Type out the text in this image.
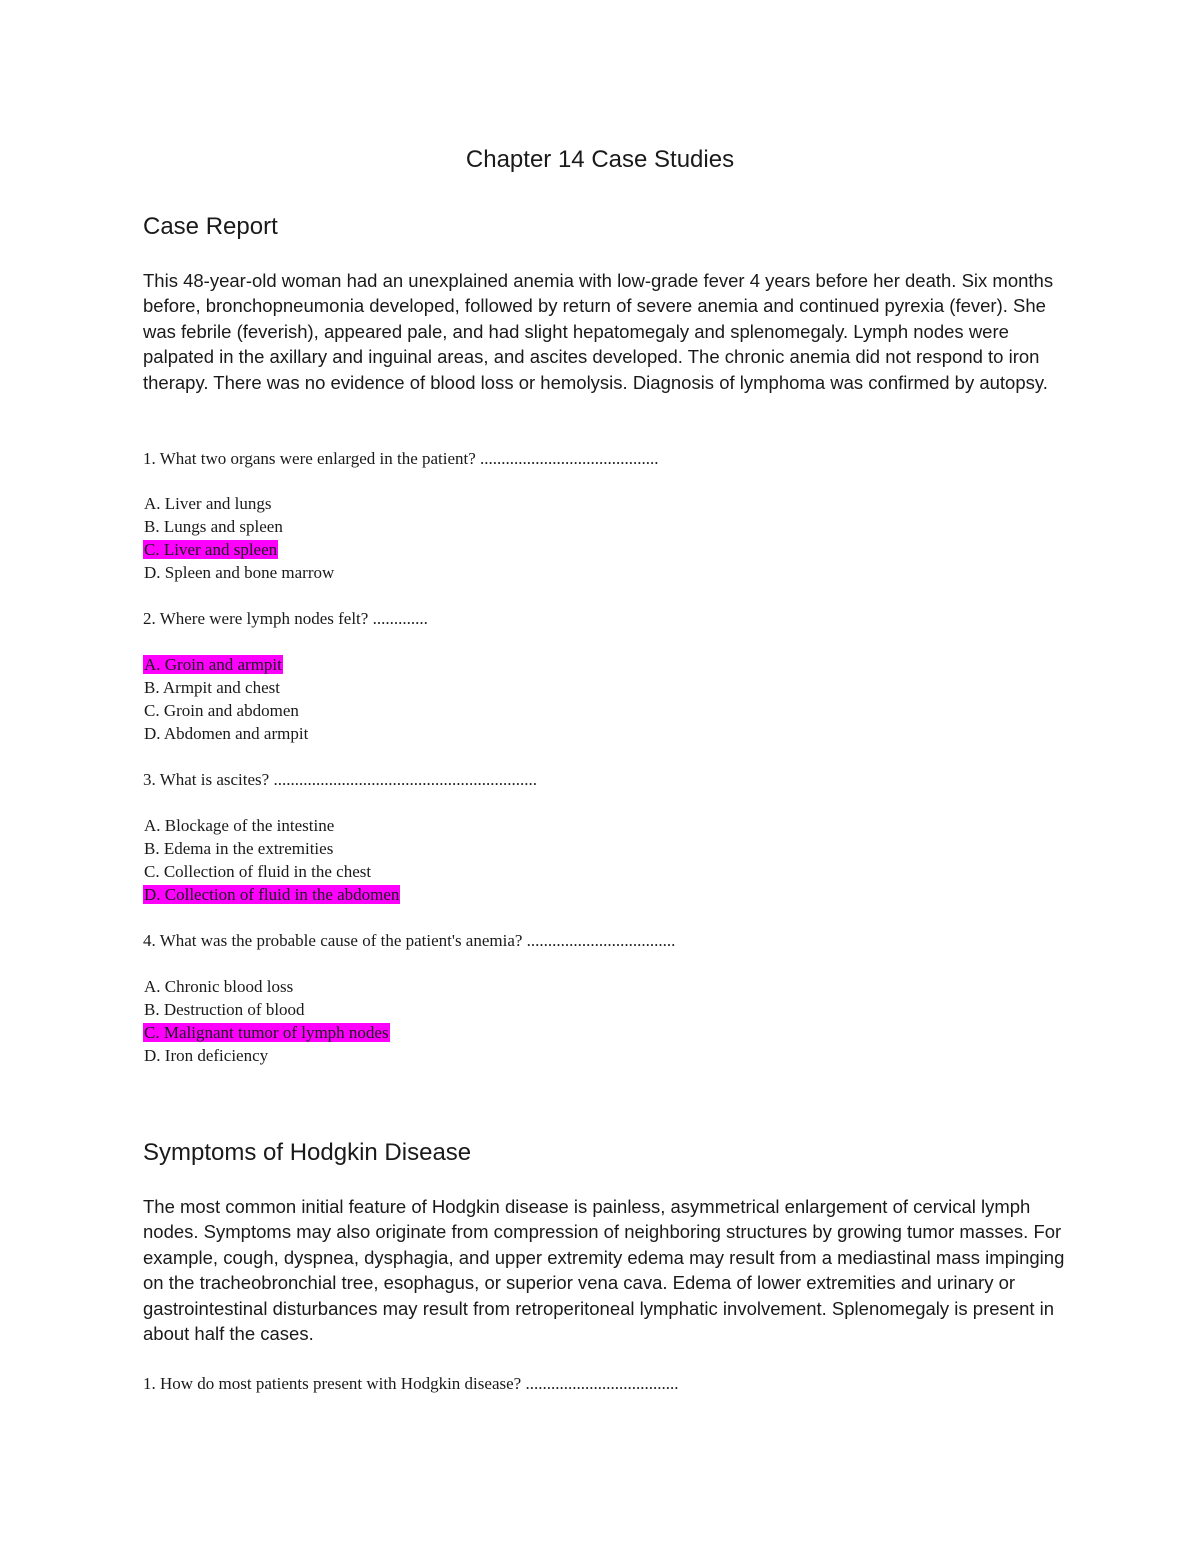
Chapter 14 Case Studies
Case Report

This 48-year-old woman had an unexplained anemia with low-grade fever 4 years before her death. Six months before, bronchopneumonia developed, followed by return of severe anemia and continued pyrexia (fever). She was febrile (feverish), appeared pale, and had slight hepatomegaly and splenomegaly. Lymph nodes were palpated in the axillary and inguinal areas, and ascites developed. The chronic anemia did not respond to iron therapy. There was no evidence of blood loss or hemolysis. Diagnosis of lymphoma was confirmed by autopsy.

1. What two organs were enlarged in the patient? ..........................................
A. Liver and lungs
B. Lungs and spleen
C. Liver and spleen
D. Spleen and bone marrow
2. Where were lymph nodes felt? .............
A. Groin and armpit
B. Armpit and chest
C. Groin and abdomen
D. Abdomen and armpit
3. What is ascites? ..............................................................
A. Blockage of the intestine
B. Edema in the extremities
C. Collection of fluid in the chest
D. Collection of fluid in the abdomen
4. What was the probable cause of the patient's anemia? ...................................
A. Chronic blood loss
B. Destruction of blood
C. Malignant tumor of lymph nodes
D. Iron deficiency
Symptoms of Hodgkin Disease

The most common initial feature of Hodgkin disease is painless, asymmetrical enlargement of cervical lymph nodes. Symptoms may also originate from compression of neighboring structures by growing tumor masses. For example, cough, dyspnea, dysphagia, and upper extremity edema may result from a mediastinal mass impinging on the tracheobronchial tree, esophagus, or superior vena cava. Edema of lower extremities and urinary or gastrointestinal disturbances may result from retroperitoneal lymphatic involvement. Splenomegaly is present in about half the cases.

1. How do most patients present with Hodgkin disease? ....................................
